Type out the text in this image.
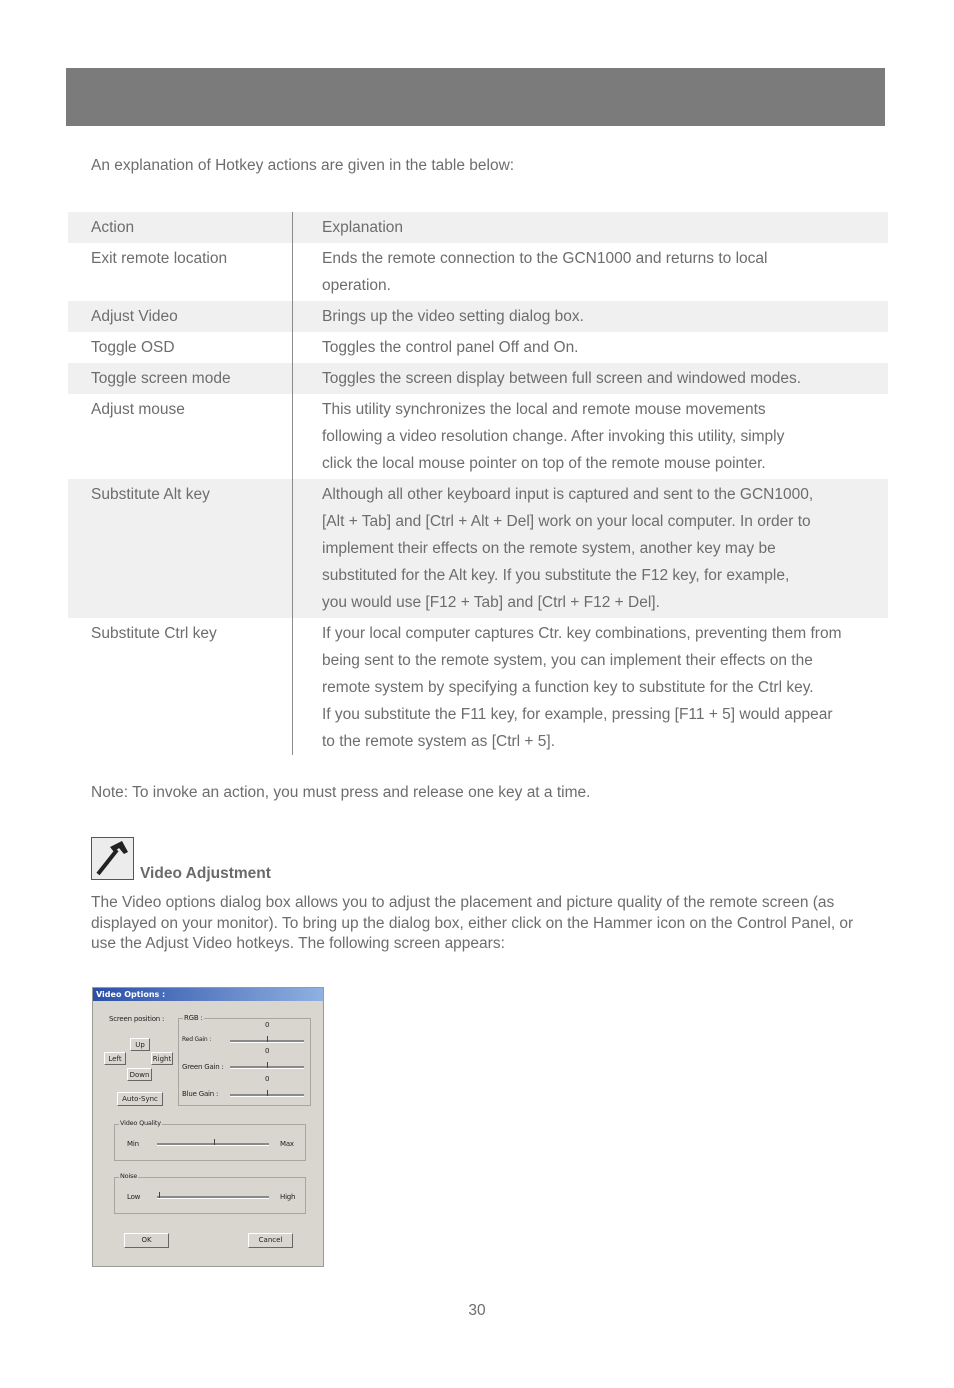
An explanation of Hotkey actions are given in the table below:
Action	Explanation

Exit remote location	Ends the remote connection to the GCN1000 and returns to local
operation.

Adjust Video	Brings up the video setting dialog box.

Toggle OSD	Toggles the control panel Off and On.

Toggle screen mode	Toggles the screen display between full screen and windowed modes.

Adjust mouse	This utility synchronizes the local and remote mouse movements
following a video resolution change. After invoking this utility, simply
click the local mouse pointer on top of the remote mouse pointer.

Substitute Alt key	Although all other keyboard input is captured and sent to the GCN1000,
[Alt + Tab] and [Ctrl + Alt + Del] work on your local computer. In order to
implement their effects on the remote system, another key may be
substituted for the Alt key. If you substitute the F12 key, for example,
you would use [F12 + Tab] and [Ctrl + F12 + Del].

Substitute Ctrl key	If your local computer captures Ctr. key combinations, preventing them from
being sent to the remote system, you can implement their effects on the
remote system by specifying a function key to substitute for the Ctrl key.
If you substitute the F11 key, for example, pressing [F11 + 5] would appear
to the remote system as [Ctrl + 5].
Note: To invoke an action, you must press and release one key at a time.
Video Adjustment
The Video options dialog box allows you to adjust the placement and picture quality of the remote screen (as displayed on your monitor). To bring up the dialog box, either click on the Hammer icon on the Control Panel, or use the Adjust Video hotkeys. The following screen appears:
Video Options :
Screen position :
Up
Left	Right
Down
Auto-Sync
RGB :
0
Red Gain :
0
Green Gain :
0
Blue Gain :
Video Quality
Min	Max
Noise
Low	High
OK	Cancel
30
